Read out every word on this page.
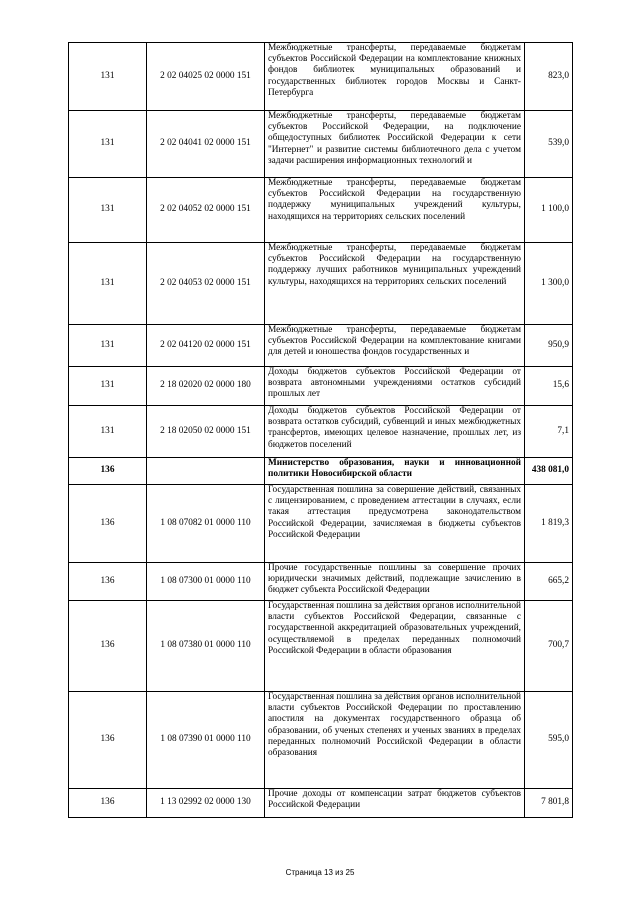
131	2 02 04025 02 0000 151	Межбюджетные трансферты, передаваемые бюджетам субъектов Российской Федерации на комплектование книжных фондов библиотек муниципальных образований и государственных библиотек городов Москвы и Санкт-Петербурга	823,0
131	2 02 04041 02 0000 151	Межбюджетные трансферты, передаваемые бюджетам субъектов Российской Федерации, на подключение общедоступных библиотек Российской Федерации к сети "Интернет" и развитие системы библиотечного дела с учетом задачи расширения информационных технологий и	539,0
131	2 02 04052 02 0000 151	Межбюджетные трансферты, передаваемые бюджетам субъектов Российской Федерации на государственную поддержку муниципальных учреждений культуры, находящихся на территориях сельских поселений	1 100,0
131	2 02 04053 02 0000 151	Межбюджетные трансферты, передаваемые бюджетам субъектов Российской Федерации на государственную поддержку лучших работников муниципальных учреждений культуры, находящихся на территориях сельских поселений	1 300,0
131	2 02 04120 02 0000 151	Межбюджетные трансферты, передаваемые бюджетам субъектов Российской Федерации на комплектование книгами для детей и юношества фондов государственных и	950,9
131	2 18 02020 02 0000 180	Доходы бюджетов субъектов Российской Федерации от возврата автономными учреждениями остатков субсидий прошлых лет	15,6
131	2 18 02050 02 0000 151	Доходы бюджетов субъектов Российской Федерации от возврата остатков субсидий, субвенций и иных межбюджетных трансфертов, имеющих целевое назначение, прошлых лет, из бюджетов поселений	7,1
136		Министерство образования, науки и инновационной политики Новосибирской области	438 081,0
136	1 08 07082 01 0000 110	Государственная пошлина за совершение действий, связанных с лицензированием, с проведением аттестации в случаях, если такая аттестация предусмотрена законодательством Российской Федерации, зачисляемая в бюджеты субъектов Российской Федерации	1 819,3
136	1 08 07300 01 0000 110	Прочие государственные пошлины за совершение прочих юридически значимых действий, подлежащие зачислению в бюджет субъекта Российской Федерации	665,2
136	1 08 07380 01 0000 110	Государственная пошлина за действия органов исполнительной власти субъектов Российской Федерации, связанные с государственной аккредитацией образовательных учреждений, осуществляемой в пределах переданных полномочий Российской Федерации в области образования	700,7
136	1 08 07390 01 0000 110	Государственная пошлина за действия органов исполнительной власти субъектов Российской Федерации по проставлению апостиля на документах государственного образца об образовании, об ученых степенях и ученых званиях в пределах переданных полномочий Российской Федерации в области образования	595,0
136	1 13 02992 02 0000 130	Прочие доходы от компенсации затрат бюджетов субъектов Российской Федерации	7 801,8
Страница 13 из 25
